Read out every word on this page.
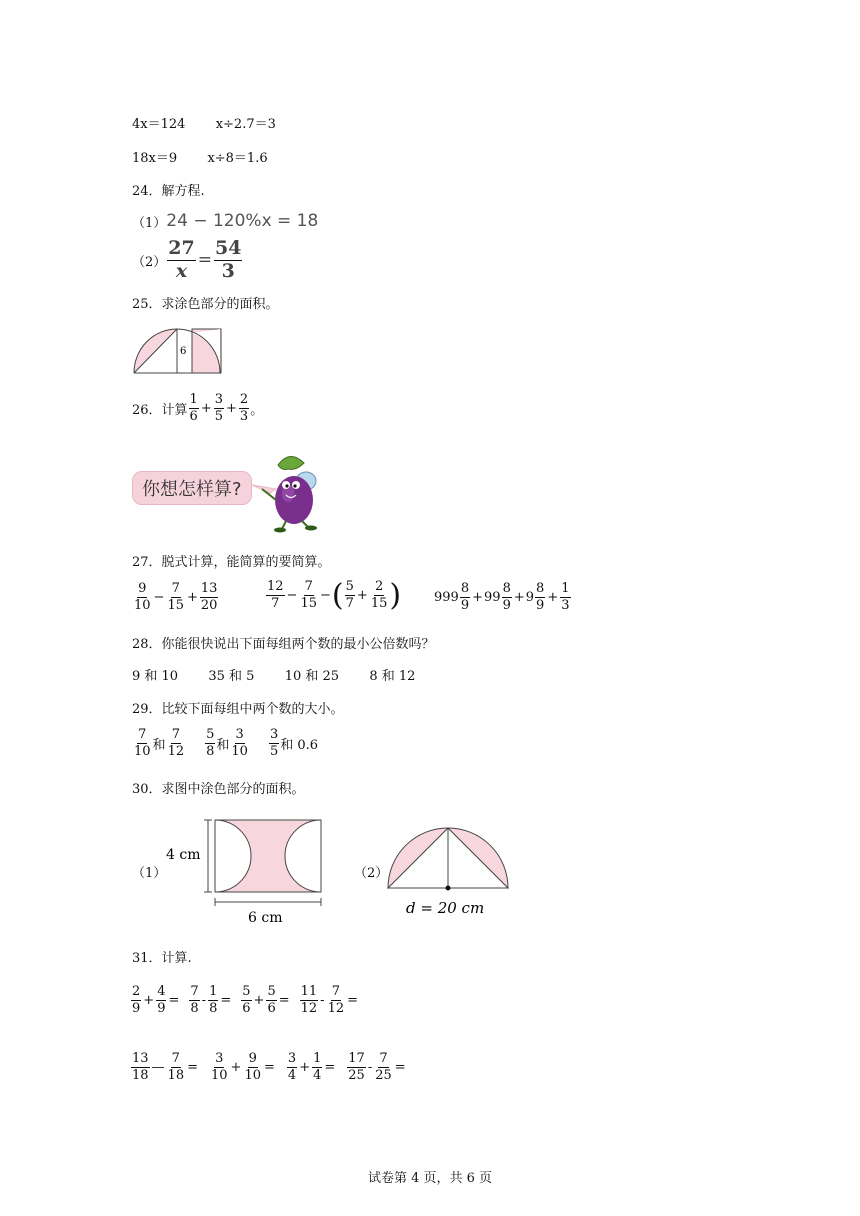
4x＝124 x÷2.7＝3
18x＝9 x÷8＝1.6
24．解方程.
（1） 24 − 120%x = 18
$(2) \frac{27}{x} = \frac{54}{3}$
25．求涂色部分的面积。
6
26．计算 $\frac{1}{6} + \frac{3}{5} + \frac{2}{3}$ 。
你想怎样算?
27．脱式计算，能简算的要简算。
$\frac{9}{10} - \frac{7}{15} + \frac{13}{20}$	$\frac{12}{7} - \frac{7}{15}$ − ( $\frac{5}{7} + \frac{2}{15}$ )	$999 \frac{8}{9} + 99 \frac{8}{9} + 9 \frac{8}{9} + \frac{1}{3}$
28．你能很快说出下面每组两个数的最小公倍数吗？
9 和 10 35 和 5 10 和 25 8 和 12
29．比较下面每组中两个数的大小。
$\frac{7}{10}$ 和 $\frac{7}{12} \frac{5}{8}$ 和 $\frac{3}{10} \frac{3}{5}$ 和 0.6
30．求图中涂色部分的面积。
（1）
4 cm
6 cm
（2）
d = 20 cm
31．计算.
$\frac{2}{9} + \frac{4}{9} = \frac{7}{8} - \frac{1}{8} = \frac{5}{6} + \frac{5}{6} = \frac{11}{12} - \frac{7}{12}$ =
$\frac{13}{18}$ — $\frac{7}{18} = \frac{3}{10} + \frac{9}{10} = \frac{3}{4} + \frac{1}{4} = \frac{17}{25} - \frac{7}{25}$ =
试卷第 4 页，共 6 页
